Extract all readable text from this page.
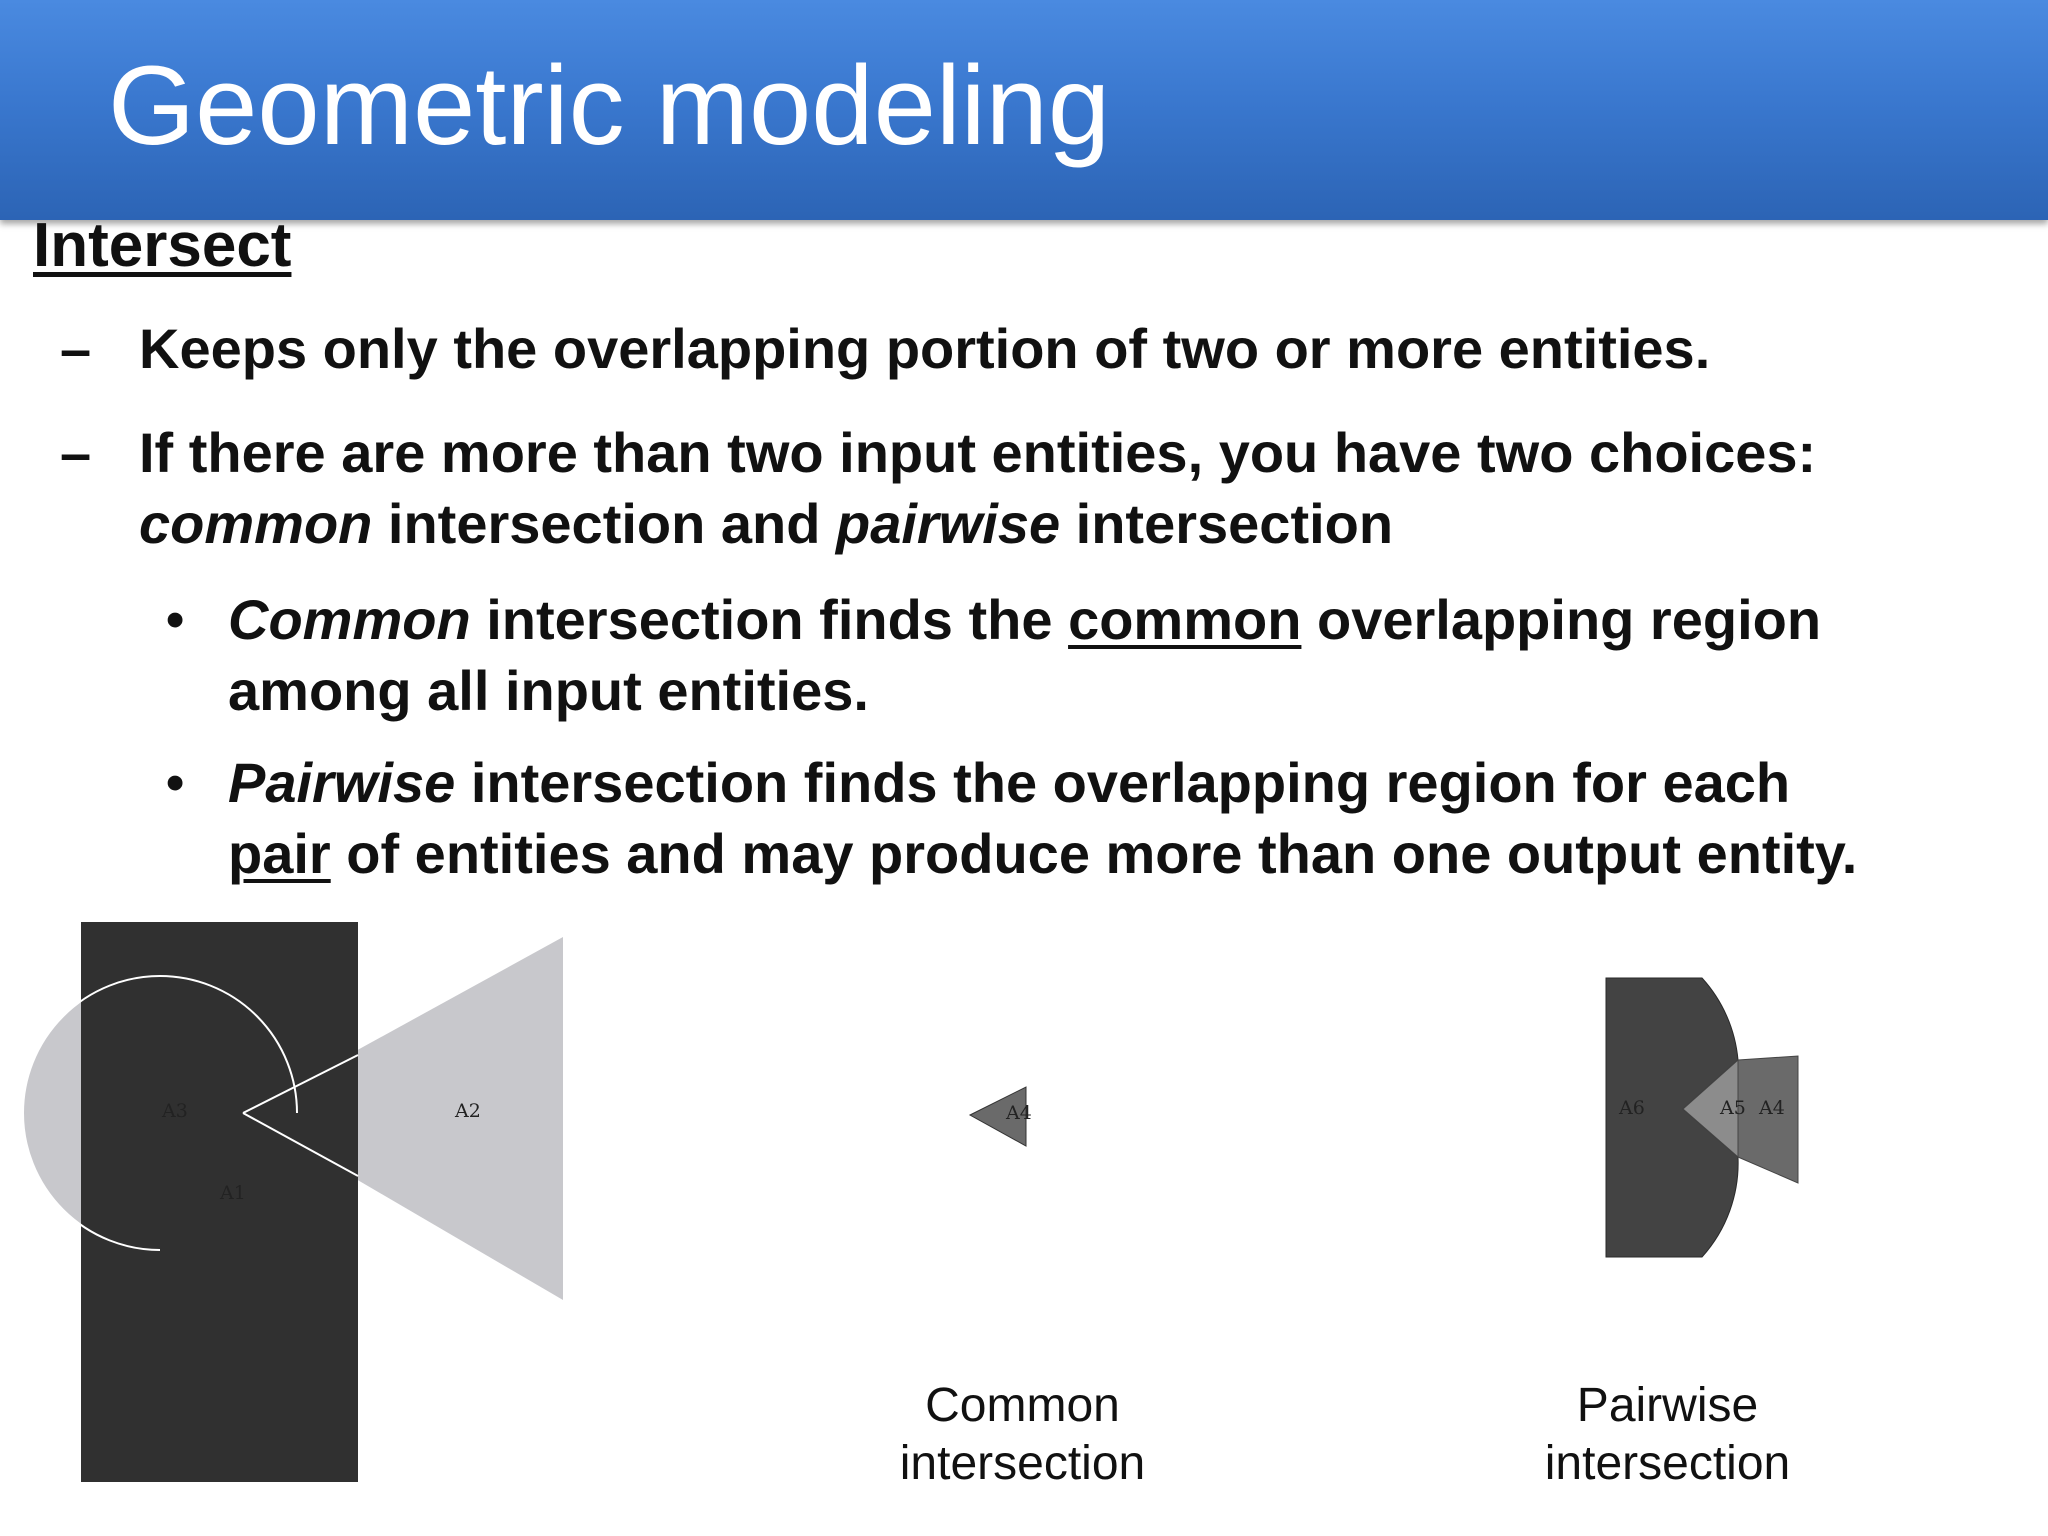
Geometric modeling
Intersect
– Keeps only the overlapping portion of two or more entities.
– If there are more than two input entities, you have two choices:
common intersection and pairwise intersection
• Common intersection finds the common overlapping region
among all input entities.
• Pairwise intersection finds the overlapping region for each
pair of entities and may produce more than one output entity.
A3	A2
A1
A4	A6	A5 A4
Common
intersection
Pairwise
intersection
